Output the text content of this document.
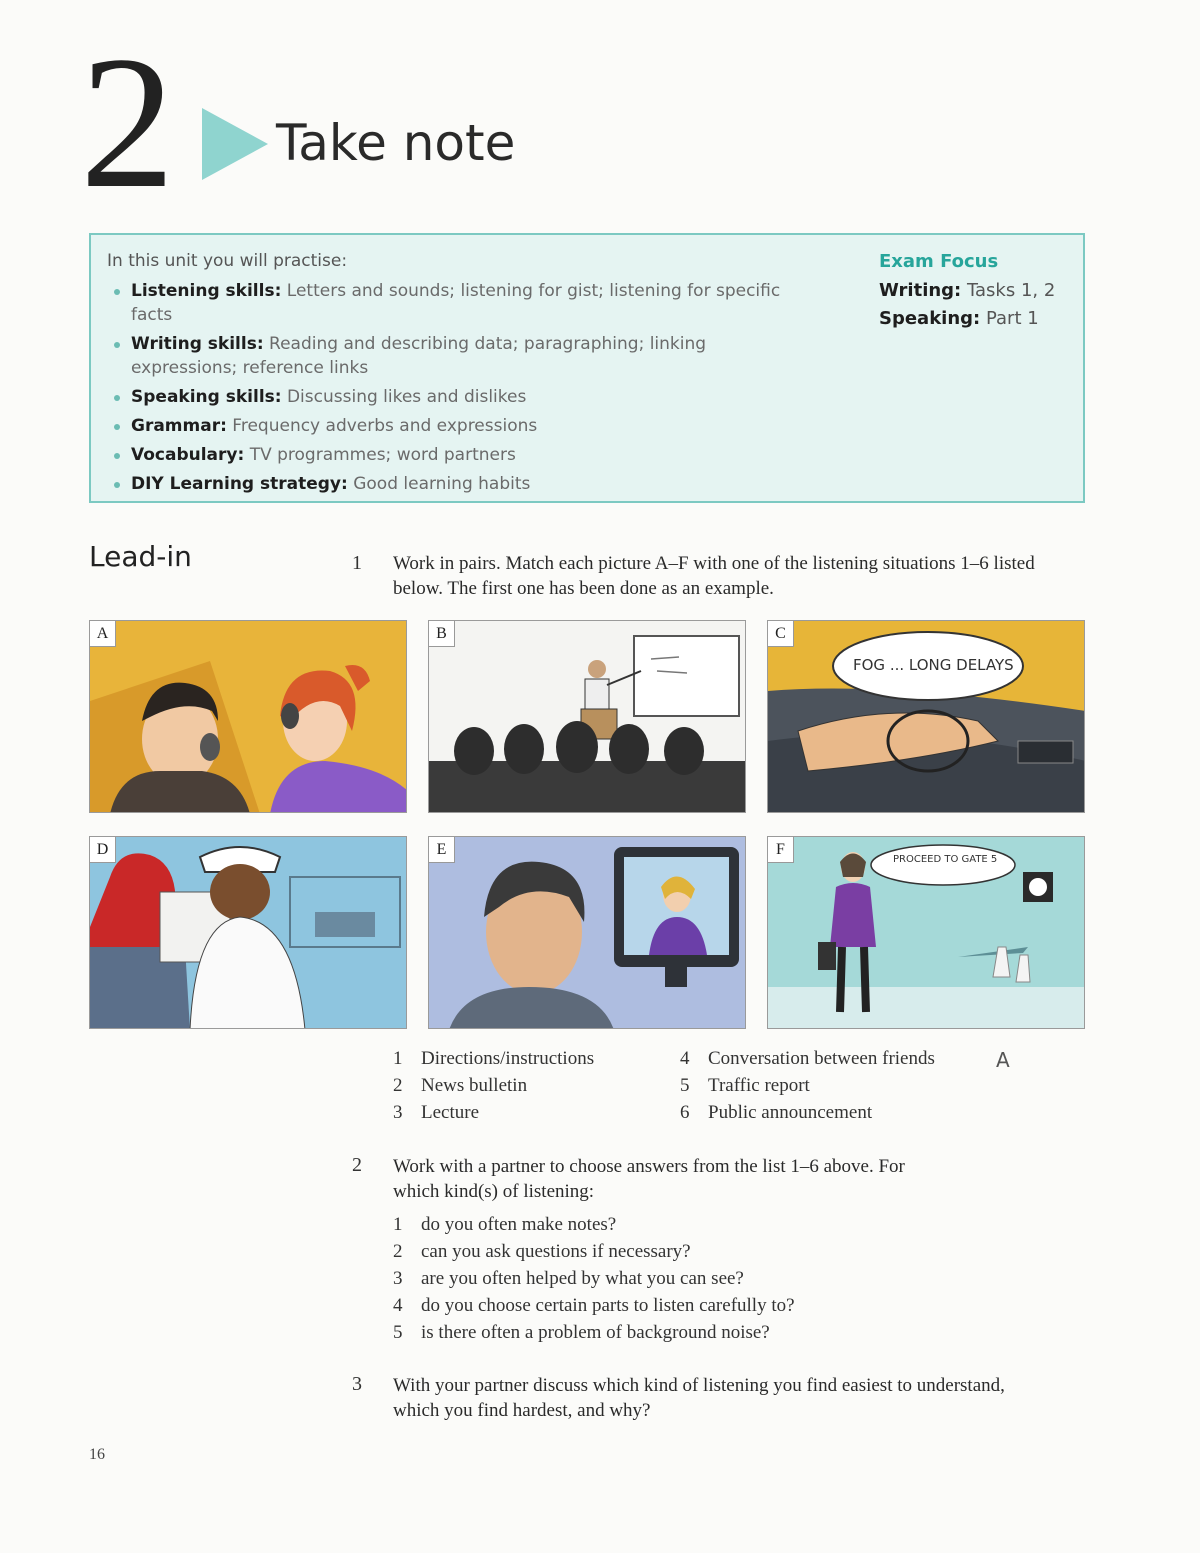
2 Take note
In this unit you will practise:
Listening skills: Letters and sounds; listening for gist; listening for specific facts
Writing skills: Reading and describing data; paragraphing; linking expressions; reference links
Speaking skills: Discussing likes and dislikes
Grammar: Frequency adverbs and expressions
Vocabulary: TV programmes; word partners
DIY Learning strategy: Good learning habits
Exam Focus
Writing: Tasks 1, 2
Speaking: Part 1
Lead-in	1 Work in pairs. Match each picture A–F with one of the listening situations 1–6 listed below. The first one has been done as an example.
A	B
FOG ... LONG DELAYS
C
D	E
PROCEED TO GATE 5
F
1 Directions/instructions
2 News bulletin
3 Lecture
4 Conversation between friends
5 Traffic report
6 Public announcement
A
2 Work with a partner to choose answers from the list 1–6 above. For which kind(s) of listening:
1 do you often make notes?
2 can you ask questions if necessary?
3 are you often helped by what you can see?
4 do you choose certain parts to listen carefully to?
5 is there often a problem of background noise?
3 With your partner discuss which kind of listening you find easiest to understand, which you find hardest, and why?
16
